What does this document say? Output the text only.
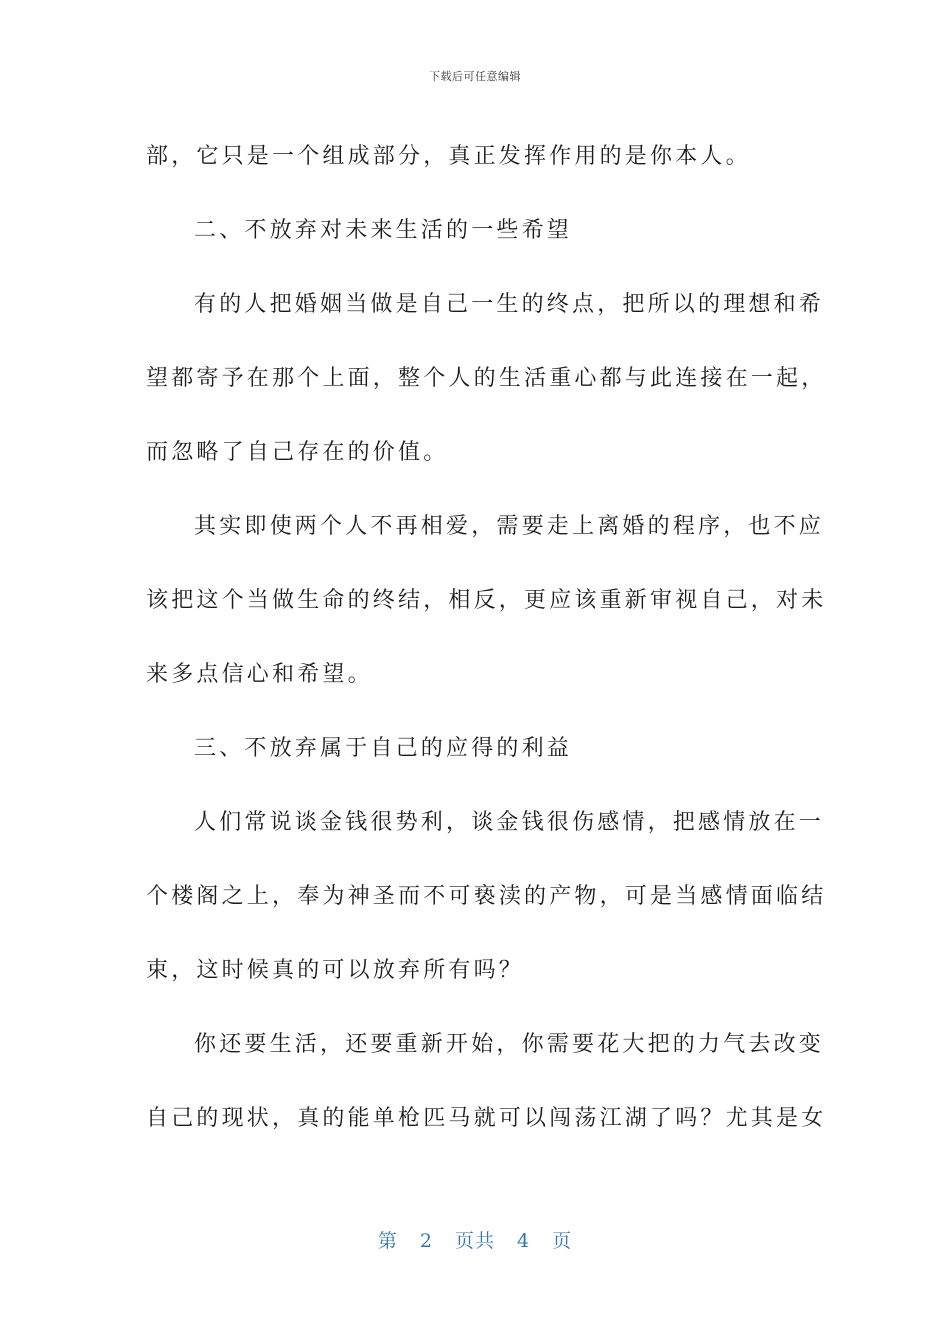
下载后可任意编辑
部，它只是一个组成部分，真正发挥作用的是你本人。
二、不放弃对未来生活的一些希望
有的人把婚姻当做是自己一生的终点，把所以的理想和希
望都寄予在那个上面，整个人的生活重心都与此连接在一起，
而忽略了自己存在的价值。
其实即使两个人不再相爱，需要走上离婚的程序，也不应
该把这个当做生命的终结，相反，更应该重新审视自己，对未
来多点信心和希望。
三、不放弃属于自己的应得的利益
人们常说谈金钱很势利，谈金钱很伤感情，把感情放在一
个楼阁之上，奉为神圣而不可亵渎的产物，可是当感情面临结
束，这时候真的可以放弃所有吗？
你还要生活，还要重新开始，你需要花大把的力气去改变
自己的现状，真的能单枪匹马就可以闯荡江湖了吗？尤其是女
第 2 页共 4 页
